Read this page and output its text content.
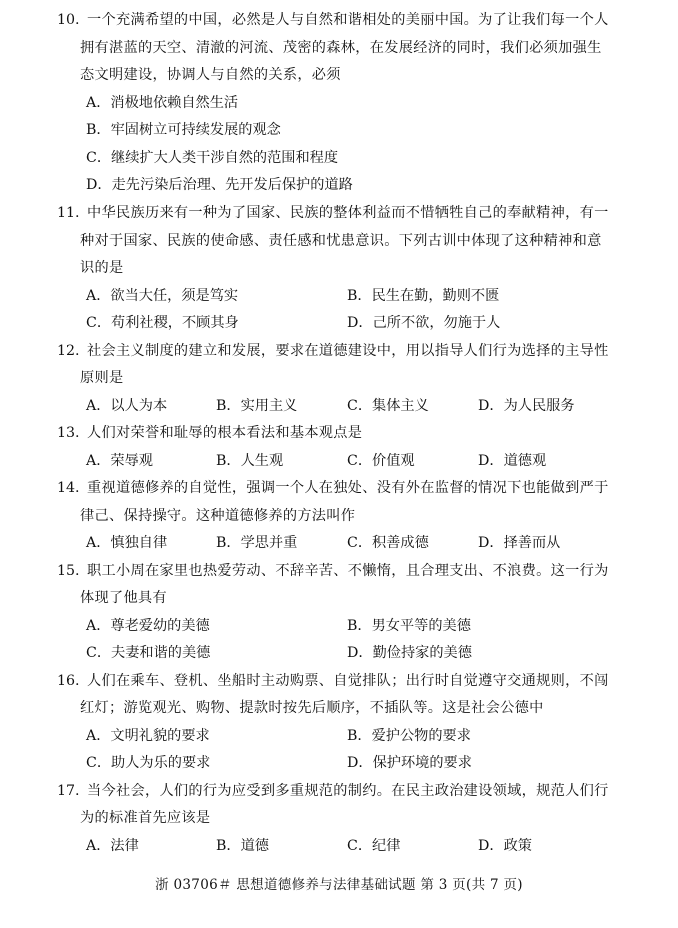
10. 一个充满希望的中国，必然是人与自然和谐相处的美丽中国。为了让我们每一个人
拥有湛蓝的天空、清澈的河流、茂密的森林，在发展经济的同时，我们必须加强生
态文明建设，协调人与自然的关系，必须
A．消极地依赖自然生活
B．牢固树立可持续发展的观念
C．继续扩大人类干涉自然的范围和程度
D．走先污染后治理、先开发后保护的道路
11. 中华民族历来有一种为了国家、民族的整体利益而不惜牺牲自己的奉献精神，有一
种对于国家、民族的使命感、责任感和忧患意识。下列古训中体现了这种精神和意
识的是
A．欲当大任，须是笃实	B．民生在勤，勤则不匮
C．苟利社稷，不顾其身	D．己所不欲，勿施于人
12. 社会主义制度的建立和发展，要求在道德建设中，用以指导人们行为选择的主导性
原则是
A．以人为本	B．实用主义	C．集体主义	D．为人民服务
13. 人们对荣誉和耻辱的根本看法和基本观点是
A．荣辱观	B．人生观	C．价值观	D．道德观
14. 重视道德修养的自觉性，强调一个人在独处、没有外在监督的情况下也能做到严于
律己、保持操守。这种道德修养的方法叫作
A．慎独自律	B．学思并重	C．积善成德	D．择善而从
15. 职工小周在家里也热爱劳动、不辞辛苦、不懒惰，且合理支出、不浪费。这一行为
体现了他具有
A．尊老爱幼的美德	B．男女平等的美德
C．夫妻和谐的美德	D．勤俭持家的美德
16. 人们在乘车、登机、坐船时主动购票、自觉排队；出行时自觉遵守交通规则，不闯
红灯；游览观光、购物、提款时按先后顺序，不插队等。这是社会公德中
A．文明礼貌的要求	B．爱护公物的要求
C．助人为乐的要求	D．保护环境的要求
17. 当今社会，人们的行为应受到多重规范的制约。在民主政治建设领域，规范人们行
为的标准首先应该是
A．法律	B．道德	C．纪律	D．政策
浙 03706＃ 思想道德修养与法律基础试题 第 3 页(共 7 页)
